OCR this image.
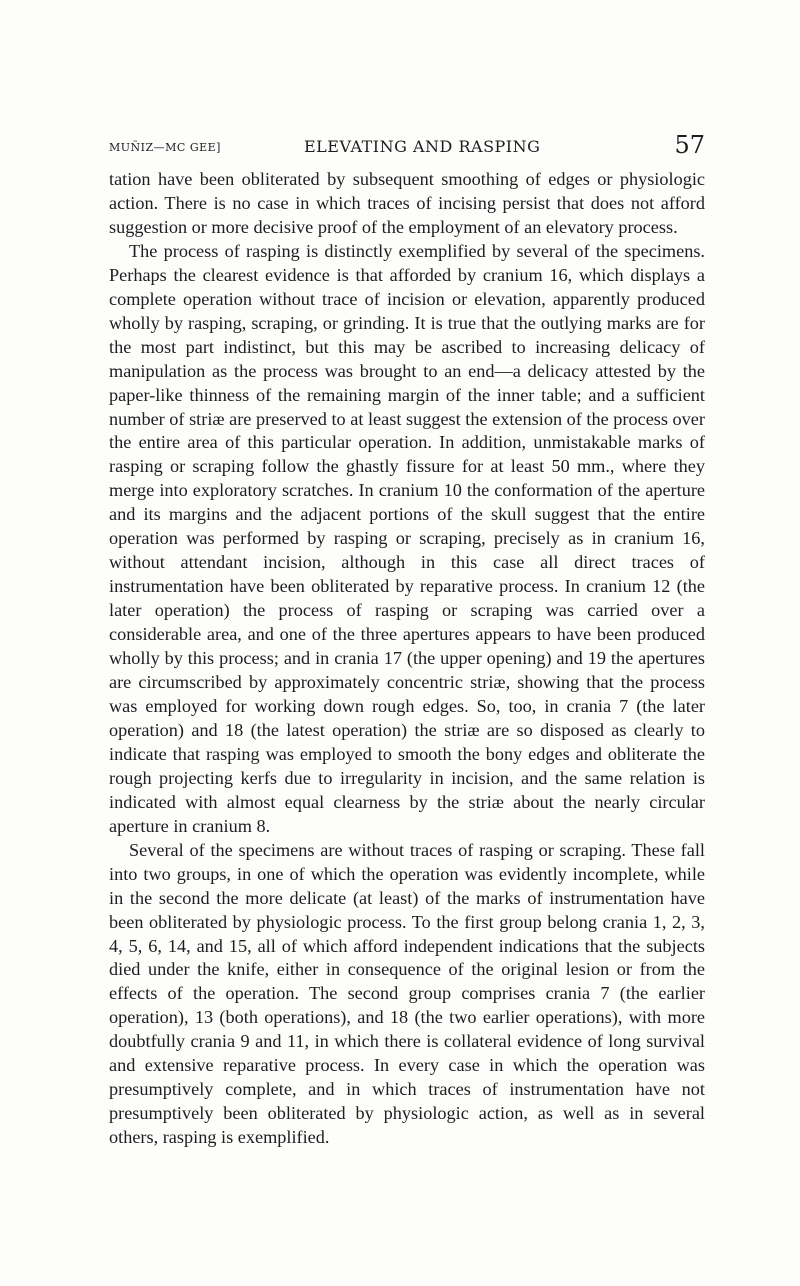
MUÑIZ—MC GEE]	ELEVATING AND RASPING	57

tation have been obliterated by subsequent smoothing of edges or physiologic action. There is no case in which traces of incising persist that does not afford suggestion or more decisive proof of the employment of an elevatory process.

The process of rasping is distinctly exemplified by several of the specimens. Perhaps the clearest evidence is that afforded by cranium 16, which displays a complete operation without trace of incision or elevation, apparently produced wholly by rasping, scraping, or grinding. It is true that the outlying marks are for the most part indistinct, but this may be ascribed to increasing delicacy of manipulation as the process was brought to an end—a delicacy attested by the paper-like thinness of the remaining margin of the inner table; and a sufficient number of striæ are preserved to at least suggest the extension of the process over the entire area of this particular operation. In addition, unmistakable marks of rasping or scraping follow the ghastly fissure for at least 50 mm., where they merge into exploratory scratches. In cranium 10 the conformation of the aperture and its margins and the adjacent portions of the skull suggest that the entire operation was performed by rasping or scraping, precisely as in cranium 16, without attendant incision, although in this case all direct traces of instrumentation have been obliterated by reparative process. In cranium 12 (the later operation) the process of rasping or scraping was carried over a considerable area, and one of the three apertures appears to have been produced wholly by this process; and in crania 17 (the upper opening) and 19 the apertures are circumscribed by approximately concentric striæ, showing that the process was employed for working down rough edges. So, too, in crania 7 (the later operation) and 18 (the latest operation) the striæ are so disposed as clearly to indicate that rasping was employed to smooth the bony edges and obliterate the rough projecting kerfs due to irregularity in incision, and the same relation is indicated with almost equal clearness by the striæ about the nearly circular aperture in cranium 8.

Several of the specimens are without traces of rasping or scraping. These fall into two groups, in one of which the operation was evidently incomplete, while in the second the more delicate (at least) of the marks of instrumentation have been obliterated by physiologic process. To the first group belong crania 1, 2, 3, 4, 5, 6, 14, and 15, all of which afford independent indications that the subjects died under the knife, either in consequence of the original lesion or from the effects of the operation. The second group comprises crania 7 (the earlier operation), 13 (both operations), and 18 (the two earlier operations), with more doubtfully crania 9 and 11, in which there is collateral evidence of long survival and extensive reparative process. In every case in which the operation was presumptively complete, and in which traces of instrumentation have not presumptively been obliterated by physiologic action, as well as in several others, rasping is exemplified.
